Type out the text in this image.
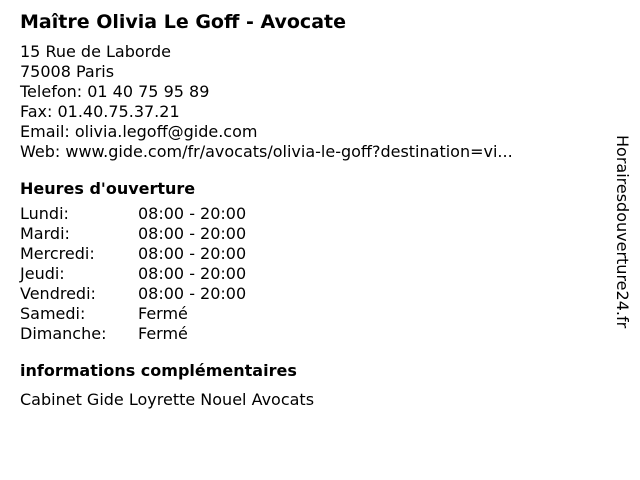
Maître Olivia Le Goff - Avocate
15 Rue de Laborde
75008 Paris
Telefon: 01 40 75 95 89
Fax: 01.40.75.37.21
Email: olivia.legoff@gide.com
Web: www.gide.com/fr/avocats/olivia-le-goff?destination=vi...
Heures d'ouverture
Lundi:	08:00 - 20:00
Mardi:	08:00 - 20:00
Mercredi:	08:00 - 20:00
Jeudi:	08:00 - 20:00
Vendredi:	08:00 - 20:00
Samedi:	Fermé
Dimanche:	Fermé
informations complémentaires
Cabinet Gide Loyrette Nouel Avocats
Horairesdouverture24.fr
